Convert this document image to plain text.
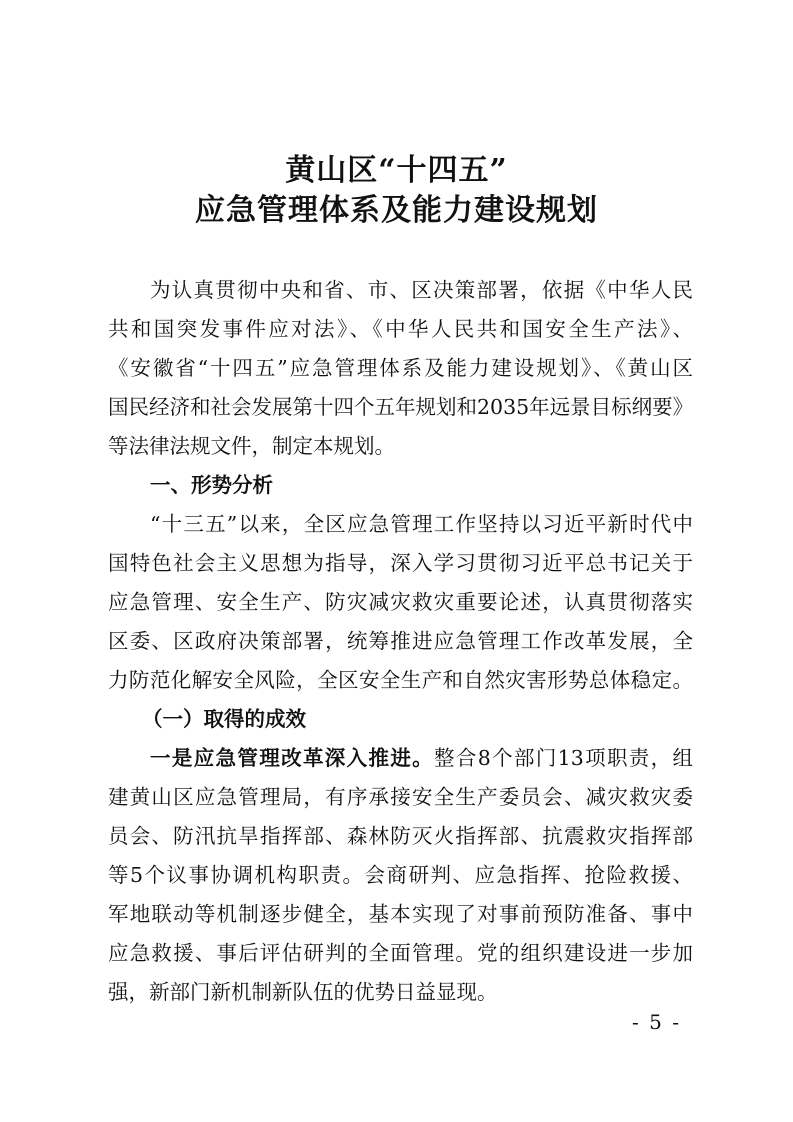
黄山区“十四五”
应急管理体系及能力建设规划
为认真贯彻中央和省、市、区决策部署，依据《中华人民
共和国突发事件应对法》、《中华人民共和国安全生产法》、
《安徽省“十四五”应急管理体系及能力建设规划》、《黄山区
国民经济和社会发展第十四个五年规划和2035年远景目标纲要》
等法律法规文件，制定本规划。
一、形势分析
“十三五”以来，全区应急管理工作坚持以习近平新时代中
国特色社会主义思想为指导，深入学习贯彻习近平总书记关于
应急管理、安全生产、防灾减灾救灾重要论述，认真贯彻落实
区委、区政府决策部署，统筹推进应急管理工作改革发展，全
力防范化解安全风险，全区安全生产和自然灾害形势总体稳定。
（一）取得的成效
一是应急管理改革深入推进。整合8个部门13项职责，组
建黄山区应急管理局，有序承接安全生产委员会、减灾救灾委
员会、防汛抗旱指挥部、森林防灭火指挥部、抗震救灾指挥部
等5个议事协调机构职责。会商研判、应急指挥、抢险救援、
军地联动等机制逐步健全，基本实现了对事前预防准备、事中
应急救援、事后评估研判的全面管理。党的组织建设进一步加
强，新部门新机制新队伍的优势日益显现。
- 5 -
